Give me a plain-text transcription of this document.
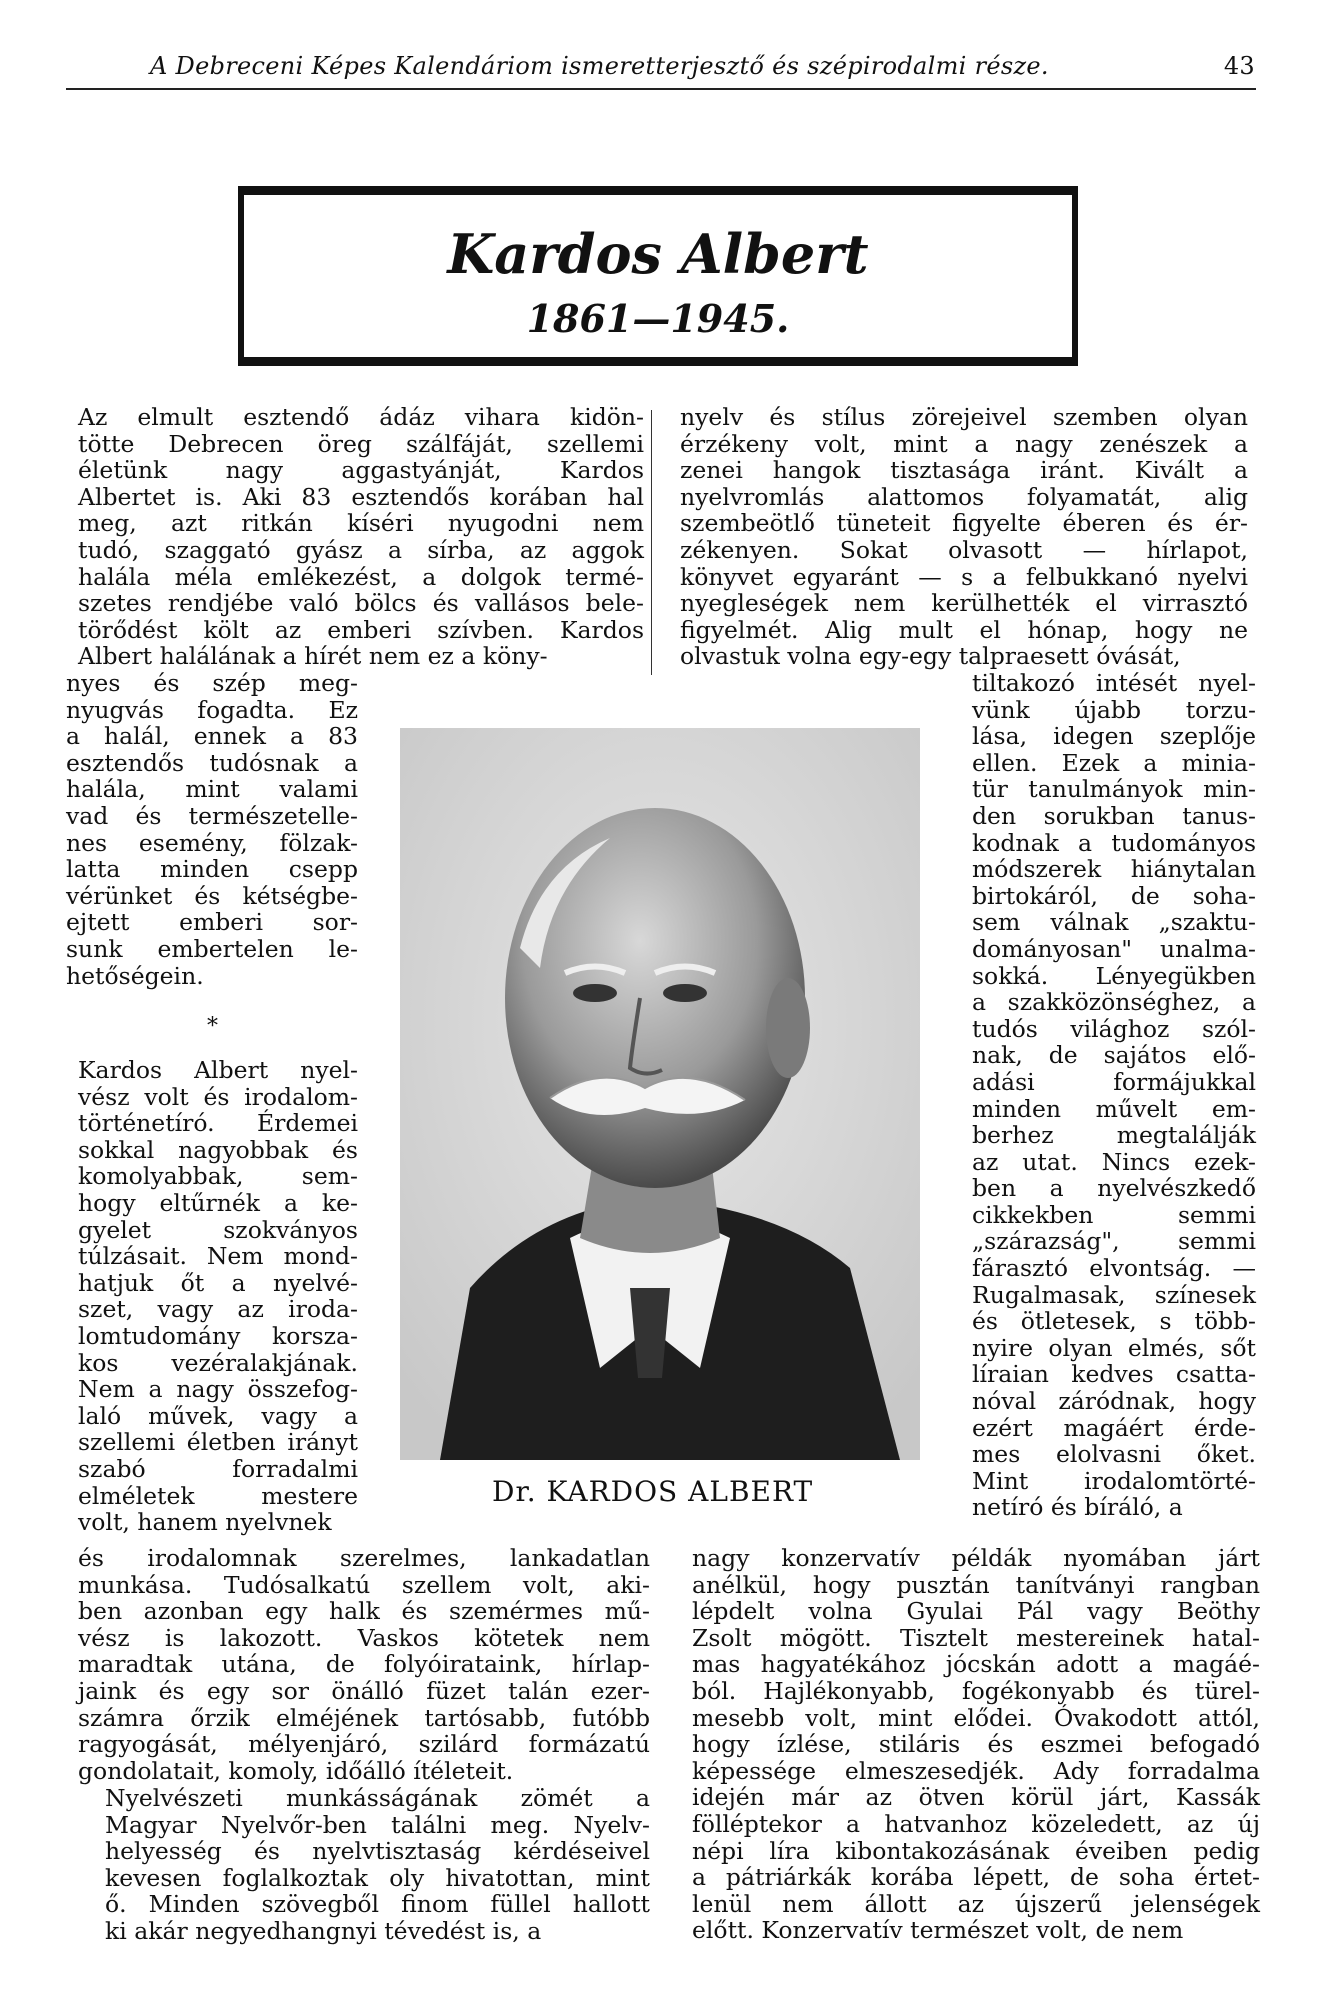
A Debreceni Képes Kalendáriom ismeretterjesztő és szépirodalmi része.	43
Kardos Albert
1861—1945.
Az elmult esztendő ádáz vihara kidön-
tötte Debrecen öreg szálfáját, szellemi
életünk nagy aggastyánját, Kardos
Albertet is. Aki 83 esztendős korában hal
meg, azt ritkán kíséri nyugodni nem
tudó, szaggató gyász a sírba, az aggok
halála méla emlékezést, a dolgok termé-
szetes rendjébe való bölcs és vallásos bele-
törődést költ az emberi szívben. Kardos
Albert halálának a hírét nem ez a köny-
nyes és szép meg-
nyugvás fogadta. Ez
a halál, ennek a 83
esztendős tudósnak a
halála, mint valami
vad és természetelle-
nes esemény, fölzak-
latta minden csepp
vérünket és kétségbe-
ejtett emberi sor-
sunk embertelen le-
hetőségein.
*
Kardos Albert nyel-
vész volt és irodalom-
történetíró. Érdemei
sokkal nagyobbak és
komolyabbak, sem-
hogy eltűrnék a ke-
gyelet szokványos
túlzásait. Nem mond-
hatjuk őt a nyelvé-
szet, vagy az iroda-
lomtudomány korsza-
kos vezéralakjának.
Nem a nagy összefog-
laló művek, vagy a
szellemi életben irányt
szabó forradalmi
elméletek mestere
volt, hanem nyelvnek
és irodalomnak szerelmes, lankadatlan
munkása. Tudósalkatú szellem volt, aki-
ben azonban egy halk és szemérmes mű-
vész is lakozott. Vaskos kötetek nem
maradtak utána, de folyóirataink, hírlap-
jaink és egy sor önálló füzet talán ezer-
számra őrzik elméjének tartósabb, futóbb
ragyogását, mélyenjáró, szilárd formázatú
gondolatait, komoly, időálló ítéleteit.
Nyelvészeti munkásságának zömét a
Magyar Nyelvőr-ben találni meg. Nyelv-
helyesség és nyelvtisztaság kérdéseivel
kevesen foglalkoztak oly hivatottan, mint
ő. Minden szövegből finom füllel hallott
ki akár negyedhangnyi tévedést is, a
nyelv és stílus zörejeivel szemben olyan
érzékeny volt, mint a nagy zenészek a
zenei hangok tisztasága iránt. Kivált a
nyelvromlás alattomos folyamatát, alig
szembeötlő tüneteit figyelte éberen és ér-
zékenyen. Sokat olvasott — hírlapot,
könyvet egyaránt — s a felbukkanó nyelvi
nyegleségek nem kerülhették el virrasztó
figyelmét. Alig mult el hónap, hogy ne
olvastuk volna egy-egy talpraesett óvását,
tiltakozó intését nyel-
vünk újabb torzu-
lása, idegen szeplője
ellen. Ezek a minia-
tür tanulmányok min-
den sorukban tanus-
kodnak a tudományos
módszerek hiánytalan
birtokáról, de soha-
sem válnak „szaktu-
dományosan" unalma-
sokká. Lényegükben
a szakközönséghez, a
tudós világhoz szól-
nak, de sajátos elő-
adási formájukkal
minden művelt em-
berhez megtalálják
az utat. Nincs ezek-
ben a nyelvészkedő
cikkekben semmi
„szárazság", semmi
fárasztó elvontság. —
Rugalmasak, színesek
és ötletesek, s több-
nyire olyan elmés, sőt
líraian kedves csatta-
nóval záródnak, hogy
ezért magáért érde-
mes elolvasni őket.
Mint irodalomtörté-
netíró és bíráló, a
nagy konzervatív példák nyomában járt
anélkül, hogy pusztán tanítványi rangban
lépdelt volna Gyulai Pál vagy Beöthy
Zsolt mögött. Tisztelt mestereinek hatal-
mas hagyatékához jócskán adott a magáé-
ból. Hajlékonyabb, fogékonyabb és türel-
mesebb volt, mint elődei. Óvakodott attól,
hogy ízlése, stiláris és eszmei befogadó
képessége elmeszesedjék. Ady forradalma
idején már az ötven körül járt, Kassák
fölléptekor a hatvanhoz közeledett, az új
népi líra kibontakozásának éveiben pedig
a pátriárkák korába lépett, de soha értet-
lenül nem állott az újszerű jelenségek
előtt. Konzervatív természet volt, de nem
Dr. KARDOS ALBERT
